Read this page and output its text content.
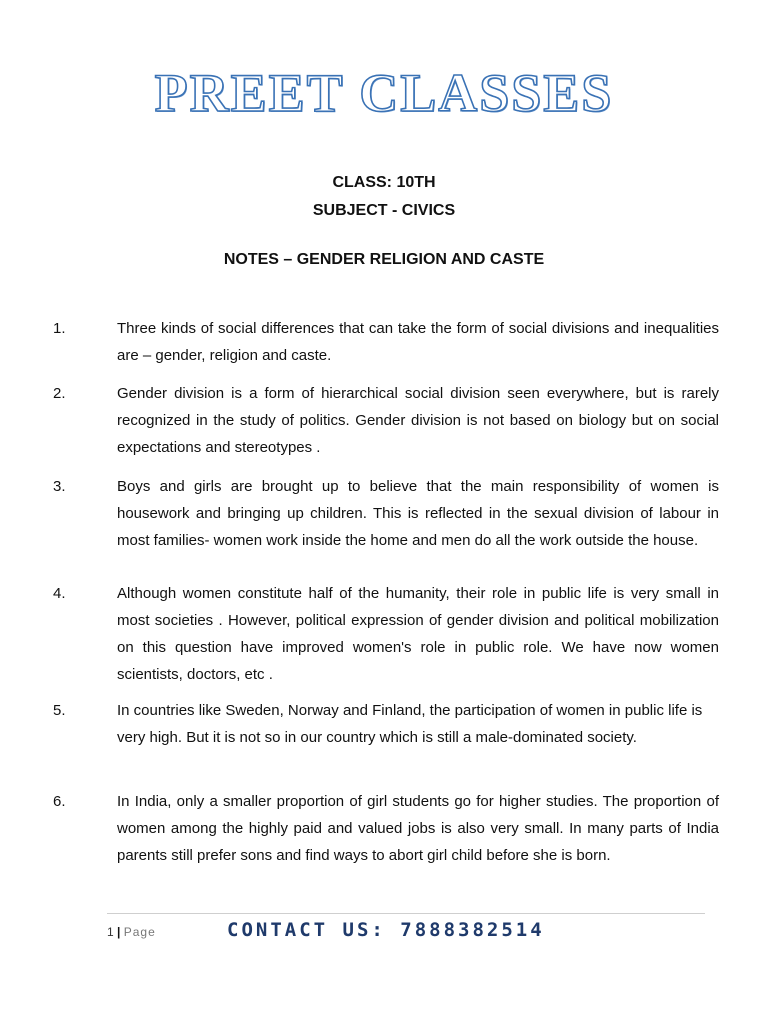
PREET CLASSES
CLASS: 10TH
SUBJECT - CIVICS
NOTES – GENDER RELIGION AND CASTE
1.	Three kinds of social differences that can take the form of social divisions and inequalities are – gender, religion and caste.
2.	Gender division is a form of hierarchical social division seen everywhere, but is rarely recognized in the study of politics. Gender division is not based on biology but on social expectations and stereotypes .
3.	Boys and girls are brought up to believe that the main responsibility of women is housework and bringing up children. This is reflected in the sexual division of labour in most families- women work inside the home and men do all the work outside the house.
4.	Although women constitute half of the humanity, their role in public life is very small in most societies . However, political expression of gender division and political mobilization on this question have improved women's role in public role. We have now women scientists, doctors, etc .
5.	In countries like Sweden, Norway and Finland, the participation of women in public life is very high. But it is not so in our country which is still a male-dominated society.
6.	In India, only a smaller proportion of girl students go for higher studies. The proportion of women among the highly paid and valued jobs is also very small. In many parts of India parents still prefer sons and find ways to abort girl child before she is born.
1 | Page	CONTACT US: 7888382514
